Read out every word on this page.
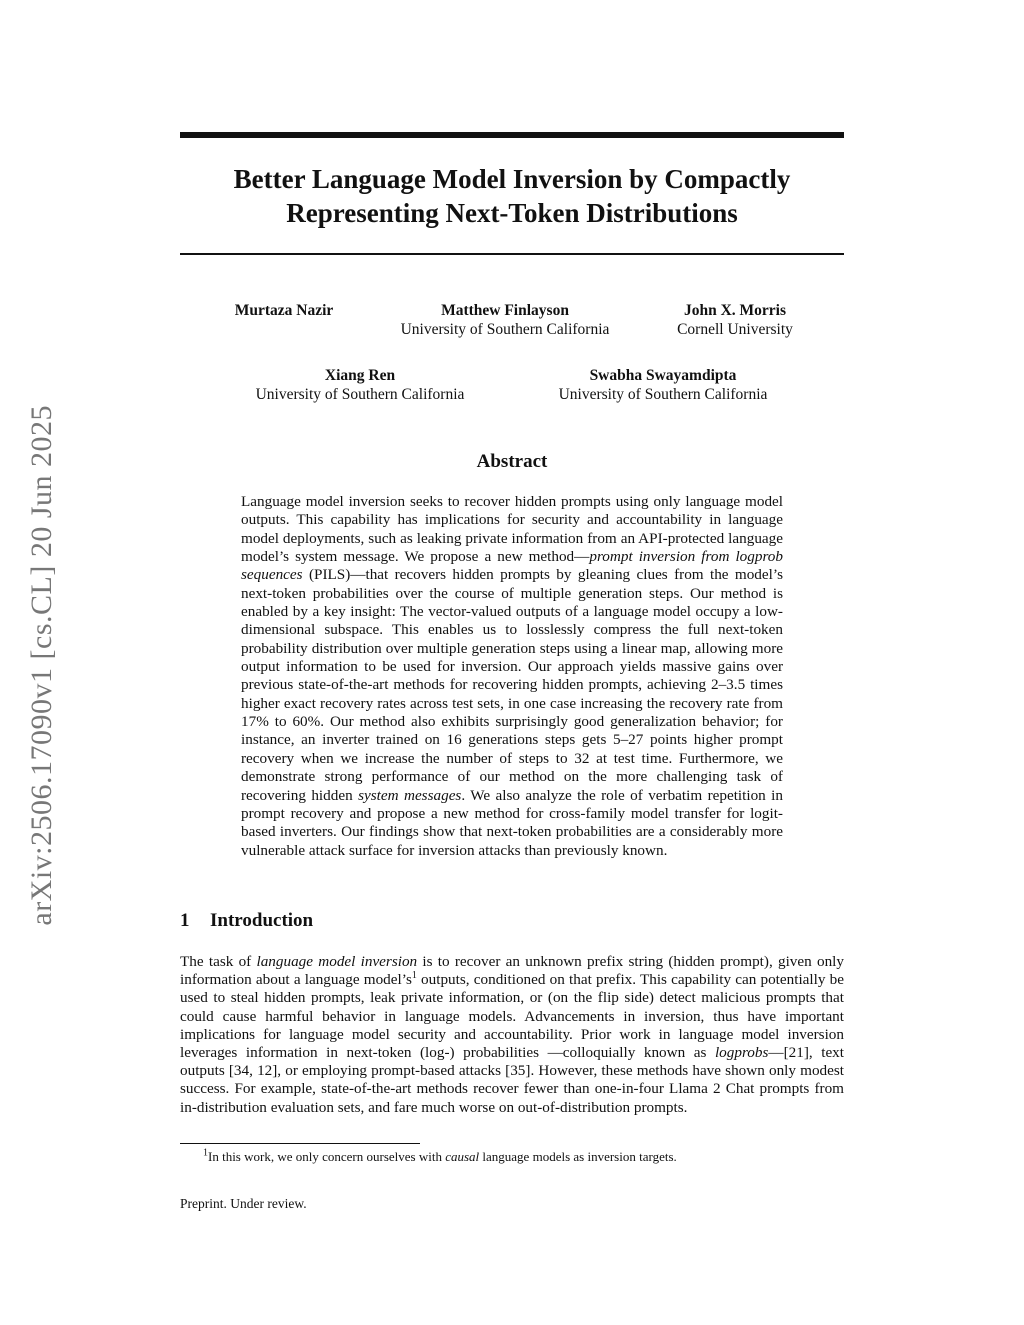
arXiv:2506.17090v1 [cs.CL] 20 Jun 2025
Better Language Model Inversion by Compactly
Representing Next-Token Distributions
Murtaza Nazir	Matthew Finlayson
University of Southern California
John X. Morris
Cornell University
Xiang Ren
University of Southern California
Swabha Swayamdipta
University of Southern California
Abstract

Language model inversion seeks to recover hidden prompts using only language model outputs. This capability has implications for security and accountability in language model deployments, such as leaking private information from an API-protected language model’s system message. We propose a new method—prompt inversion from logprob sequences (PILS)—that recovers hidden prompts by gleaning clues from the model’s next-token probabilities over the course of multiple generation steps. Our method is enabled by a key insight: The vector-valued outputs of a language model occupy a low-dimensional subspace. This enables us to losslessly compress the full next-token probability distribution over multiple generation steps using a linear map, allowing more output information to be used for inversion. Our approach yields massive gains over previous state-of-the-art methods for recovering hidden prompts, achieving 2–3.5 times higher exact recovery rates across test sets, in one case increasing the recovery rate from 17% to 60%. Our method also exhibits surprisingly good generalization behavior; for instance, an inverter trained on 16 generations steps gets 5–27 points higher prompt recovery when we increase the number of steps to 32 at test time. Furthermore, we demonstrate strong performance of our method on the more challenging task of recovering hidden system messages. We also analyze the role of verbatim repetition in prompt recovery and propose a new method for cross-family model transfer for logit-based inverters. Our findings show that next-token probabilities are a considerably more vulnerable attack surface for inversion attacks than previously known.

1 Introduction

The task of language model inversion is to recover an unknown prefix string (hidden prompt), given only information about a language $model’s^1$ outputs, conditioned on that prefix. This capability can potentially be used to steal hidden prompts, leak private information, or (on the flip side) detect malicious prompts that could cause harmful behavior in language models. Advancements in inversion, thus have important implications for language model security and accountability. Prior work in language model inversion leverages information in next-token (log-) probabilities —colloquially known as logprobs—[21], text outputs [34, 12], or employing prompt-based attacks [35]. However, these methods have shown only modest success. For example, state-of-the-art methods recover fewer than one-in-four Llama 2 Chat prompts from in-distribution evaluation sets, and fare much worse on out-of-distribution prompts.

$^1$In this work, we only concern ourselves with causal language models as inversion targets.
Preprint. Under review.
